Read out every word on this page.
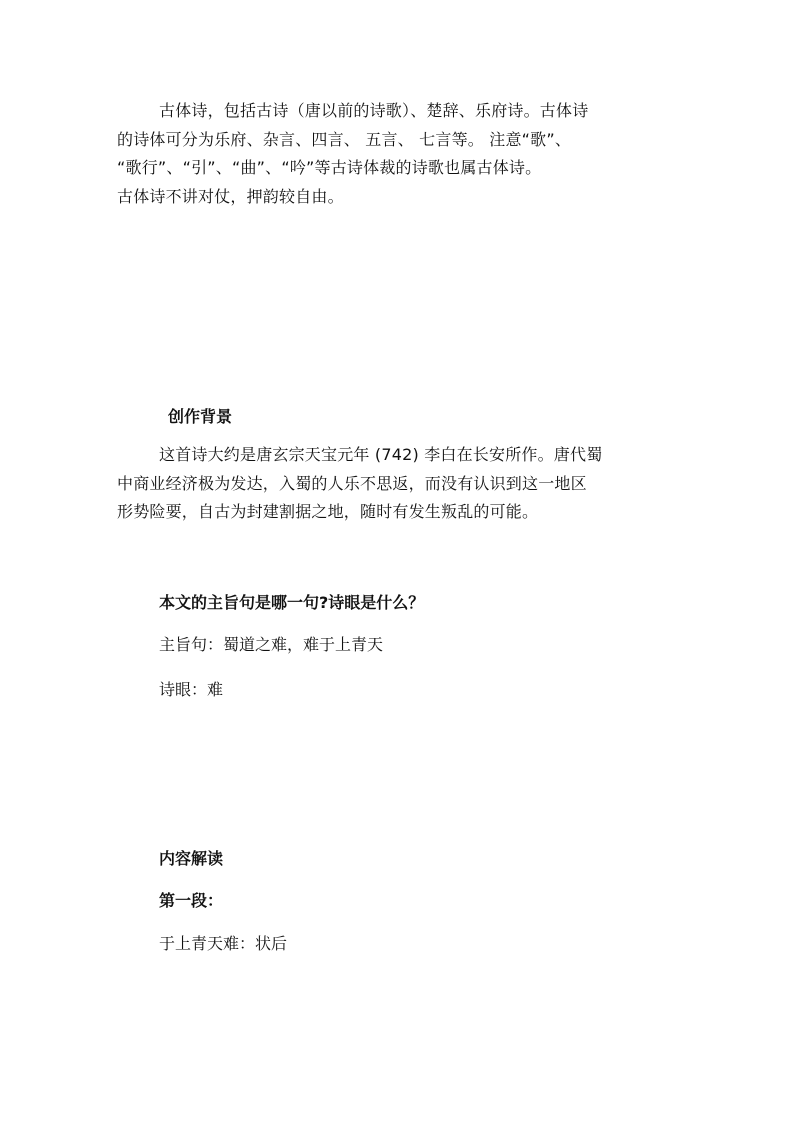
古体诗，包括古诗（唐以前的诗歌）、楚辞、乐府诗。古体诗
的诗体可分为乐府、杂言、四言、 五言、 七言等。 注意“歌”、
“歌行”、“引”、“曲”、“吟”等古诗体裁的诗歌也属古体诗。
古体诗不讲对仗，押韵较自由。
创作背景
这首诗大约是唐玄宗天宝元年 (742) 李白在长安所作。唐代蜀
中商业经济极为发达，入蜀的人乐不思返，而没有认识到这一地区
形势险要，自古为封建割据之地，随时有发生叛乱的可能。
本文的主旨句是哪一句?诗眼是什么？

主旨句：蜀道之难，难于上青天

诗眼：难

内容解读
第一段：

于上青天难：状后
